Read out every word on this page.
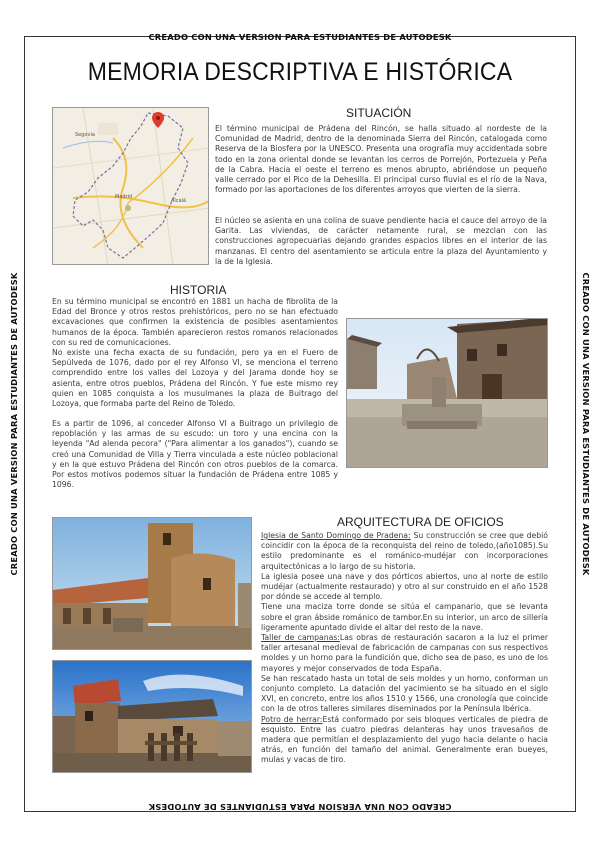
CREADO CON UNA VERSION PARA ESTUDIANTES DE AUTODESK
CREADO CON UNA VERSION PARA ESTUDIANTES DE AUTODESK
CREADO CON UNA VERSION PARA ESTUDIANTES DE AUTODESK	CREADO CON UNA VERSION PARA ESTUDIANTES DE AUTODESK
MEMORIA DESCRIPTIVA E HISTÓRICA
Segovia
Madrid
Alcalá
SITUACIÓN

El término municipal de Prádena del Rincón, se halla situado al nordeste de la Comunidad de Madrid, dentro de la denominada Sierra del Rincón, catalogada como Reserva de la Biosfera por la UNESCO. Presenta una orografía muy accidentada sobre todo en la zona oriental donde se levantan los cerros de Porrejón, Portezuela y Peña de la Cabra. Hacia el oeste el terreno es menos abrupto, abriéndose un pequeño valle cerrado por el Pico de la Dehesilla. El principal curso fluvial es el río de la Nava, formado por las aportaciones de los diferentes arroyos que vierten de la sierra.

El núcleo se asienta en una colina de suave pendiente hacia el cauce del arroyo de la Garita. Las viviendas, de carácter netamente rural, se mezclan con las construcciones agropecuarias dejando grandes espacios libres en el interior de las manzanas. El centro del asentamiento se articula entre la plaza del Ayuntamiento y la de la Iglesia.

HISTORIA

En su término municipal se encontró en 1881 un hacha de fibrolita de la Edad del Bronce y otros restos prehistóricos, pero no se han efectuado excavaciones que confirmen la existencia de posibles asentamientos humanos de la época. También aparecieron restos romanos relacionados con su red de comunicaciones.

No existe una fecha exacta de su fundación, pero ya en el Fuero de Sepúlveda de 1076, dado por el rey Alfonso VI, se menciona el terreno comprendido entre los valles del Lozoya y del Jarama donde hoy se asienta, entre otros pueblos, Prádena del Rincón. Y fue este mismo rey quien en 1085 conquista a los musulmanes la plaza de Buitrago del Lozoya, que formaba parte del Reino de Toledo.

Es a partir de 1096, al conceder Alfonso VI a Buitrago un privilegio de repoblación y las armas de su escudo: un toro y una encina con la leyenda "Ad alenda pecora" ("Para alimentar a los ganados"), cuando se creó una Comunidad de Villa y Tierra vinculada a este núcleo poblacional y en la que estuvo Prádena del Rincón con otros pueblos de la comarca. Por estos motivos podemos situar la fundación de Prádena entre 1085 y 1096.

ARQUITECTURA DE OFICIOS
Iglesia de Santo Domingo de Pradena: Su construcción se cree que debió coincidir con la época de la reconquista del reino de toledo,(año1085).Su estilo predominante es el románico-mudéjar con incorporaciones arquitectónicas a lo largo de su historia.
La iglesia posee una nave y dos pórticos abiertos, uno al norte de estilo mudéjar (actualmente restaurado) y otro al sur construido en el año 1528 por dónde se accede al templo.
Tiene una maciza torre donde se sitúa el campanario, que se levanta sobre el gran ábside románico de tambor.En su interior, un arco de sillería ligeramente apuntado divide el altar del resto de la nave.
Taller de campanas:Las obras de restauración sacaron a la luz el primer taller artesanal medieval de fabricación de campanas con sus respectivos moldes y un horno para la fundición que, dicho sea de paso, es uno de los mayores y mejor conservados de toda España.
Se han rescatado hasta un total de seis moldes y un horno, conforman un conjunto completo. La datación del yacimiento se ha situado en el siglo XVI, en concreto, entre los años 1510 y 1566, una cronología que coincide con la de otros talleres similares diseminados por la Península Ibérica.
Potro de herrar:Está conformado por seis bloques verticales de piedra de esquisto. Entre las cuatro piedras delanteras hay unos travesaños de madera que permitían el desplazamiento del yugo hacia delante o hacia atrás, en función del tamaño del animal. Generalmente eran bueyes, mulas y vacas de tiro.
